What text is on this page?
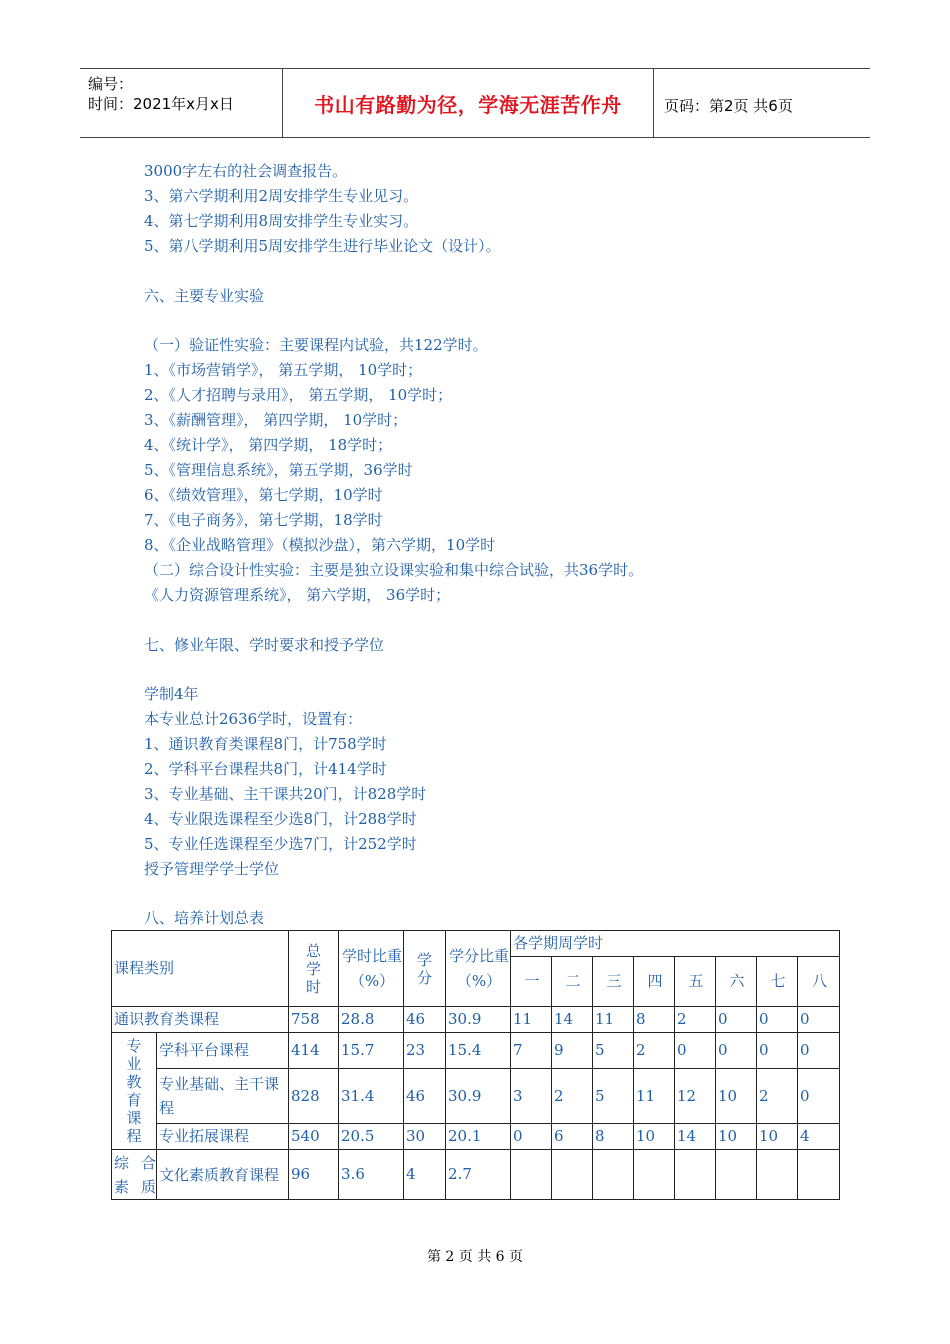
编号：
时间：2021年x月x日	书山有路勤为径，学海无涯苦作舟	页码：第2页 共6页
3000字左右的社会调查报告。
3、第六学期利用2周安排学生专业见习。
4、第七学期利用8周安排学生专业实习。
5、第八学期利用5周安排学生进行毕业论文（设计）。
六、主要专业实验
（一）验证性实验：主要课程内试验，共122学时。
1、《市场营销学》， 第五学期， 10学时；
2、《人才招聘与录用》， 第五学期， 10学时；
3、《薪酬管理》， 第四学期， 10学时；
4、《统计学》， 第四学期， 18学时；
5、《管理信息系统》，第五学期，36学时
6、《绩效管理》，第七学期，10学时
7、《电子商务》，第七学期，18学时
8、《企业战略管理》（模拟沙盘），第六学期，10学时
（二）综合设计性实验：主要是独立设课实验和集中综合试验，共36学时。
《人力资源管理系统》， 第六学期， 36学时；
七、修业年限、学时要求和授予学位
学制4年
本专业总计2636学时，设置有：
1、通识教育类课程8门，计758学时
2、学科平台课程共8门，计414学时
3、专业基础、主干课共20门，计828学时
4、专业限选课程至少选8门，计288学时
5、专业任选课程至少选7门，计252学时
授予管理学学士学位
八、培养计划总表
课程类别		总学时	学时比重（%）	学分	学分比重（%）	各学期周学时							
						一	二	三	四	五	六	七	八
通识教育类课程		758	28.8	46	30.9	11	14	11	8	2	0	0	0

专业教育课程	学科平台课程	414	15.7	23	15.4	7	9	5	2	0	0	0	0
	专业基础、主干课程	828	31.4	46	30.9	3	2	5	11	12	10	2	0
	专业拓展课程	540	20.5	30	20.1	0	6	8	10	14	10	10	4
综合素质	文化素质教育课程	96	3.6	4	2.7								
第 2 页 共 6 页
